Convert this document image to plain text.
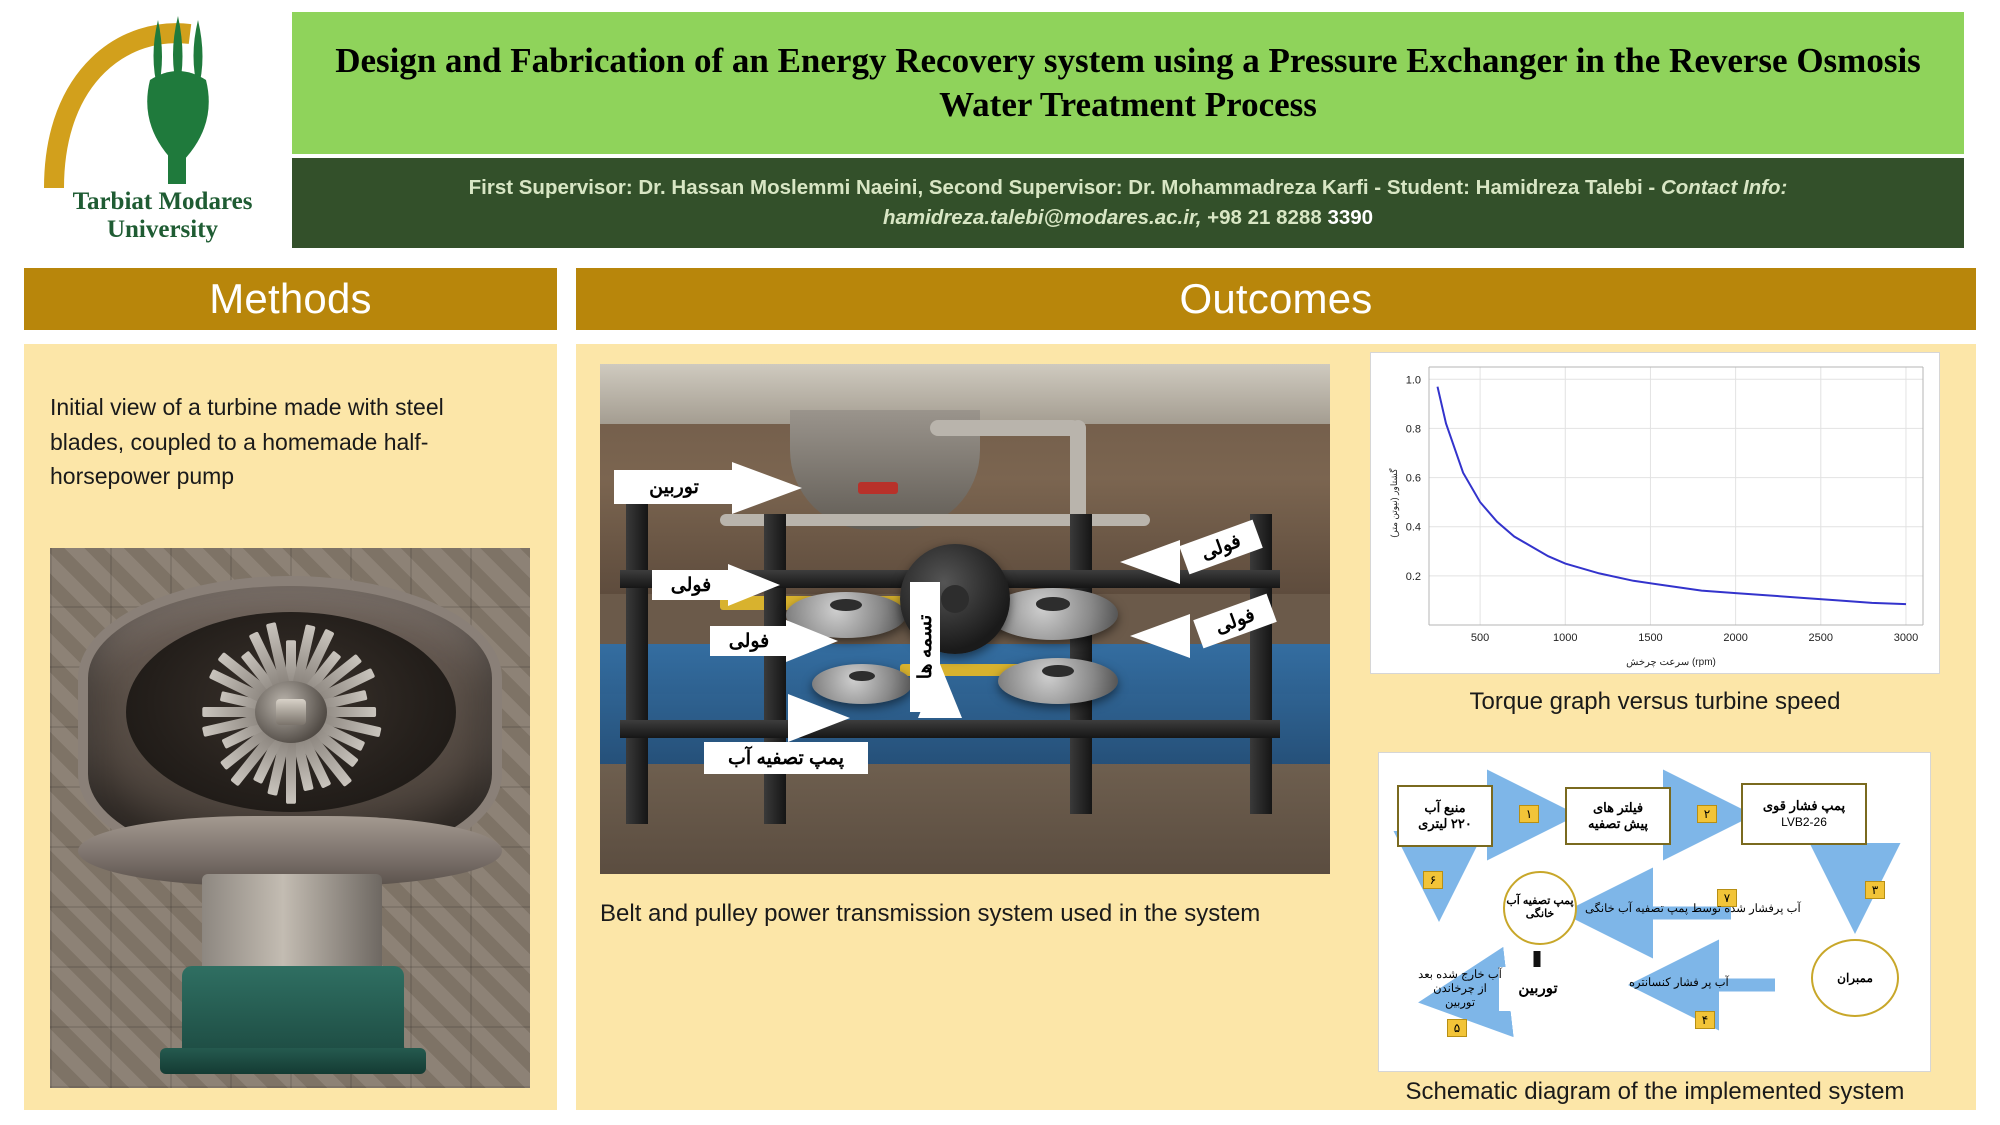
Tarbiat Modares
University
Design and Fabrication of an Energy Recovery system using a Pressure Exchanger in the Reverse Osmosis Water Treatment Process
First Supervisor: Dr. Hassan Moslemmi Naeini, Second Supervisor: Dr. Mohammadreza Karfi - Student: Hamidreza Talebi - Contact Info:
hamidreza.talebi@modares.ac.ir, +98 21 8288 3390
Methods	Outcomes
Initial view of a turbine made with steel blades, coupled to a homemade half-horsepower pump	توربین
فولی
فولی
فولی
فولی
پمپ تصفیه آب
تسمه ها
Belt and pulley power transmission system used in the system
500	1000	1500	2000	2500	3000
0.2
0.4
0.6
0.8
1.0
سرعت چرخش (rpm)
گشتاور (نیوتن متر)
Torque graph versus turbine speed
منبع آب
۲۲۰ لیتری
فیلتر های
پیش تصفیه
پمپ فشار قوی
LVB2-26
ممبران
توربین
پمپ تصفیه آب خانگی
۱	۲
۳
۴
۵
۶
۷
آب پر فشار کنسانتره
آب خارج شده بعد از چرخاندن توربین
آب پرفشار شده توسط پمپ تصفیه آب خانگی
Schematic diagram of the implemented system
